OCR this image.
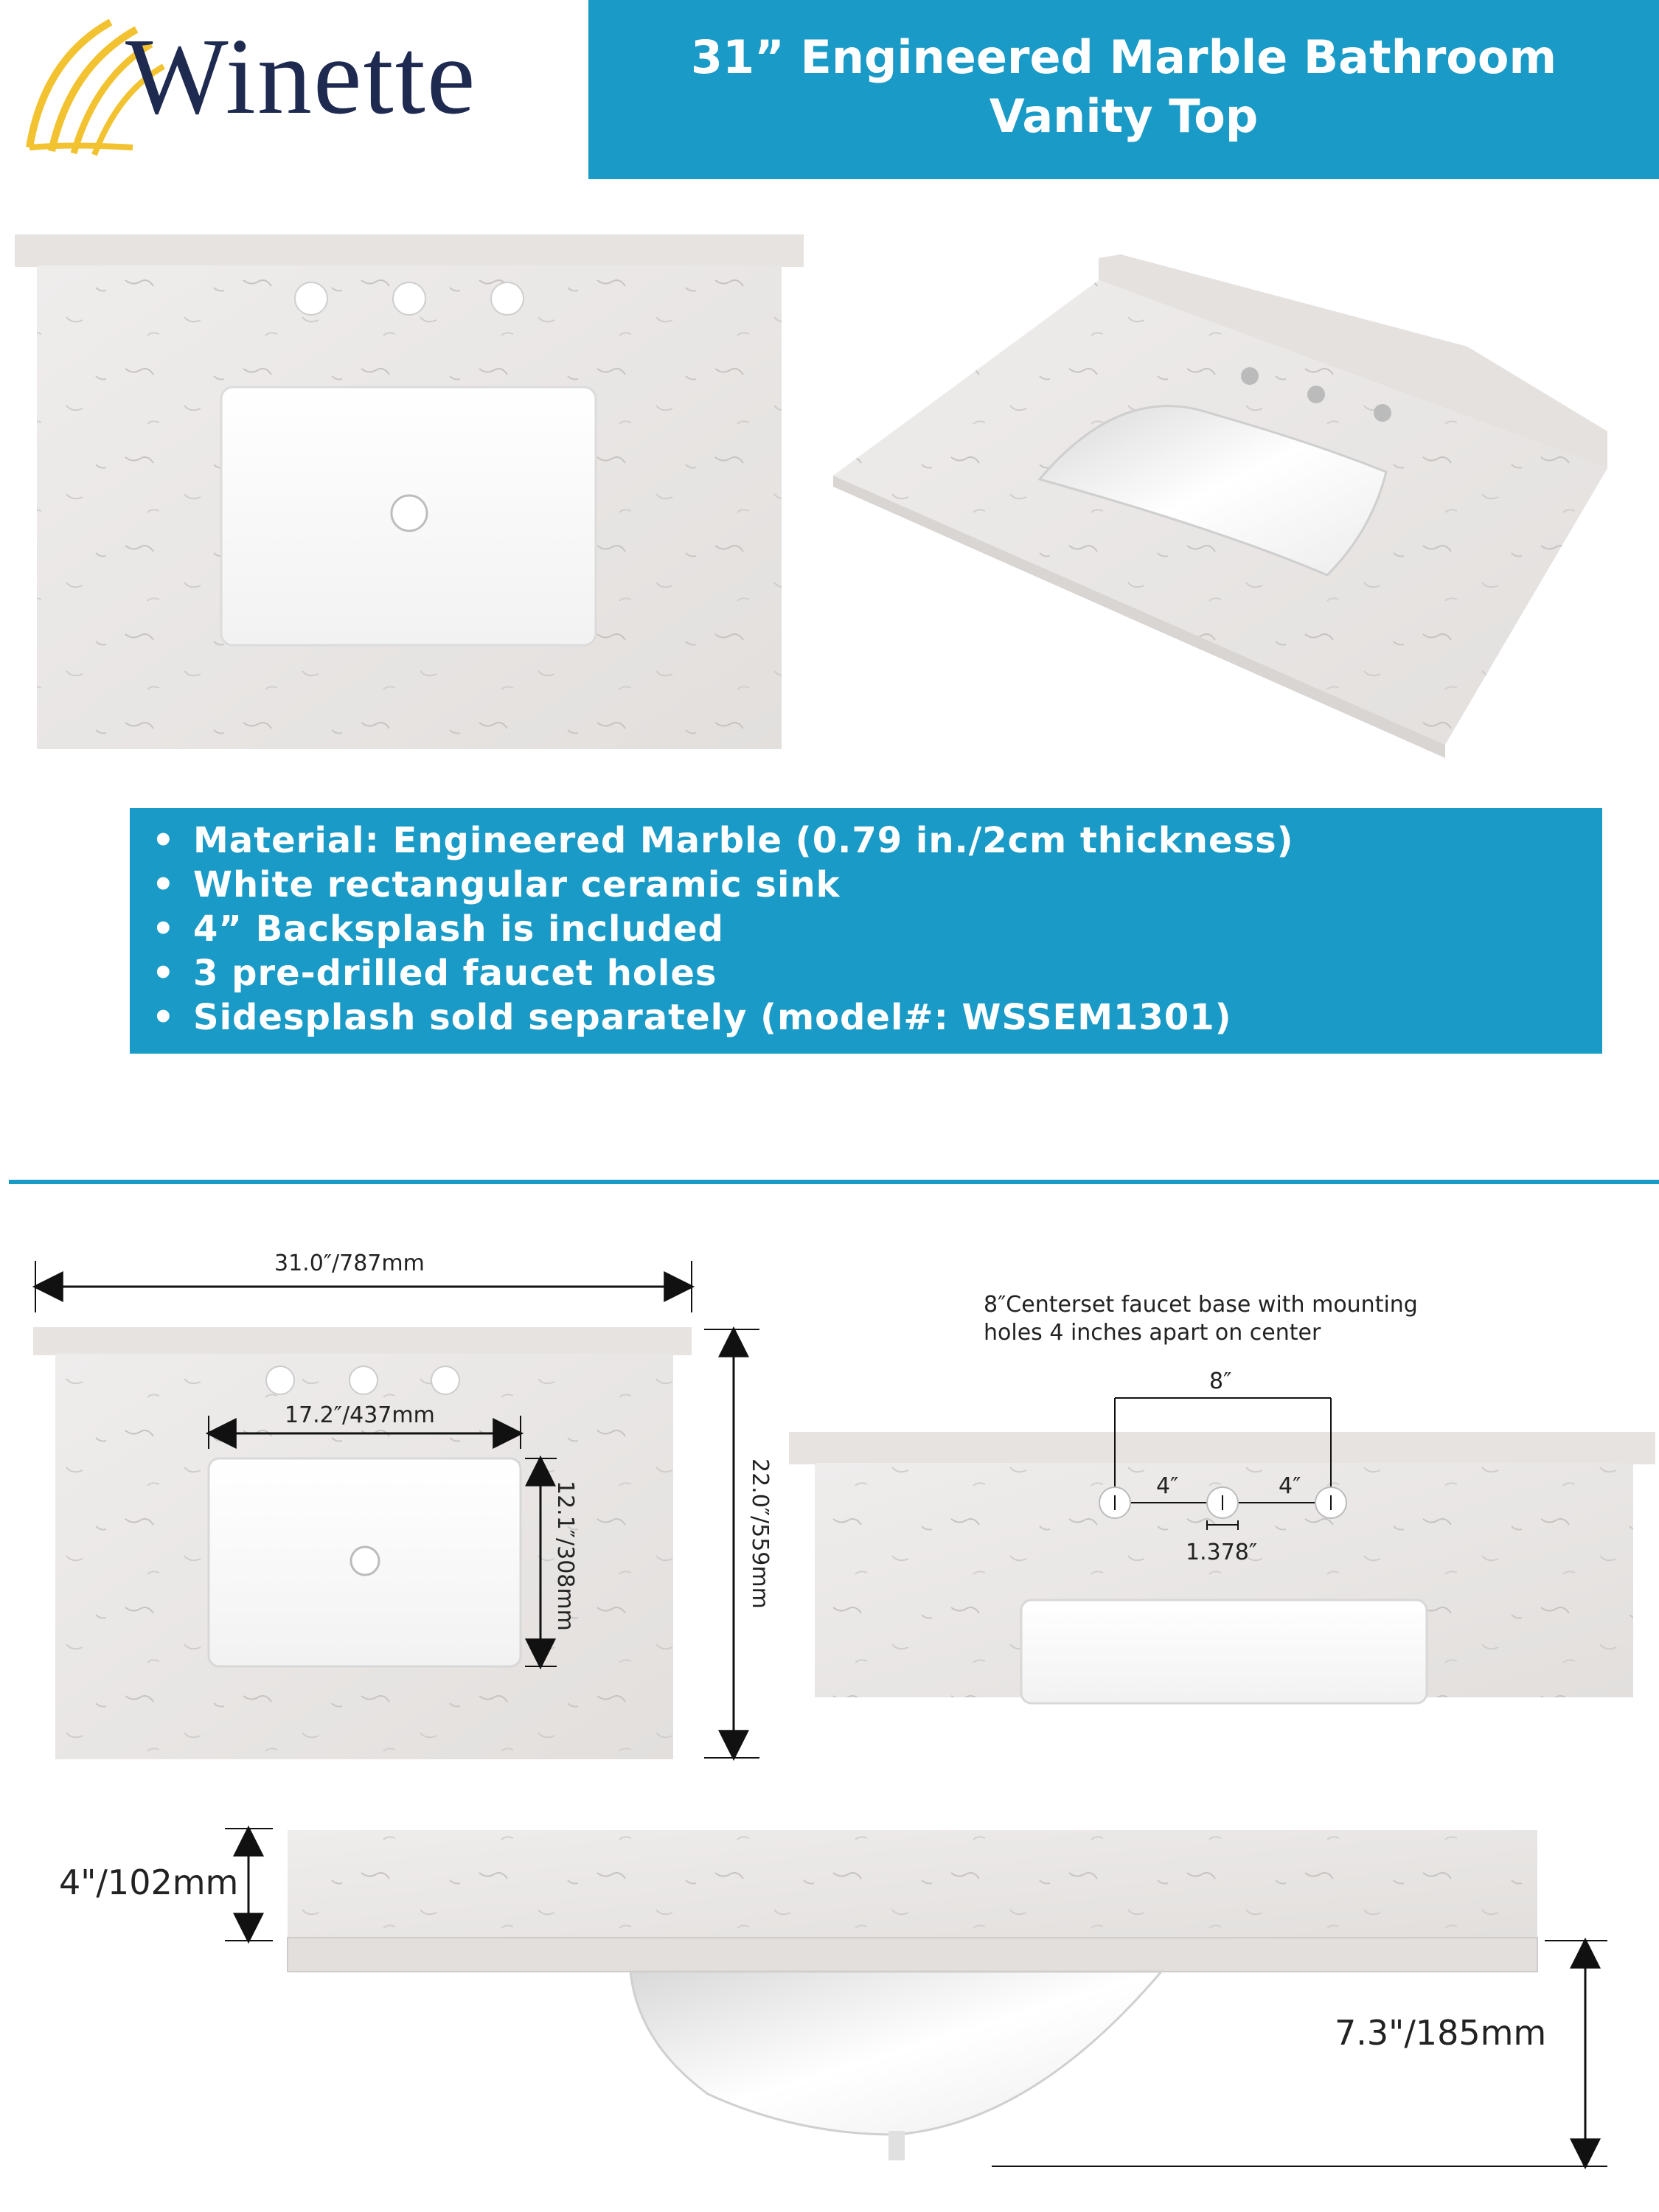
Winette	31” Engineered Marble Bathroom
Vanity Top
• Material: Engineered Marble (0.79 in./2cm thickness)
• White rectangular ceramic sink
• 4” Backsplash is included
• 3 pre-drilled faucet holes
• Sidesplash sold separately (model#: WSSEM1301)
31.0″/787mm
17.2″/437mm
12.1″/308mm	22.0″/559mm
8″Centerset faucet base with mounting
holes 4 inches apart on center
8″
4″	4″
1.378″
4"/102mm
7.3"/185mm
